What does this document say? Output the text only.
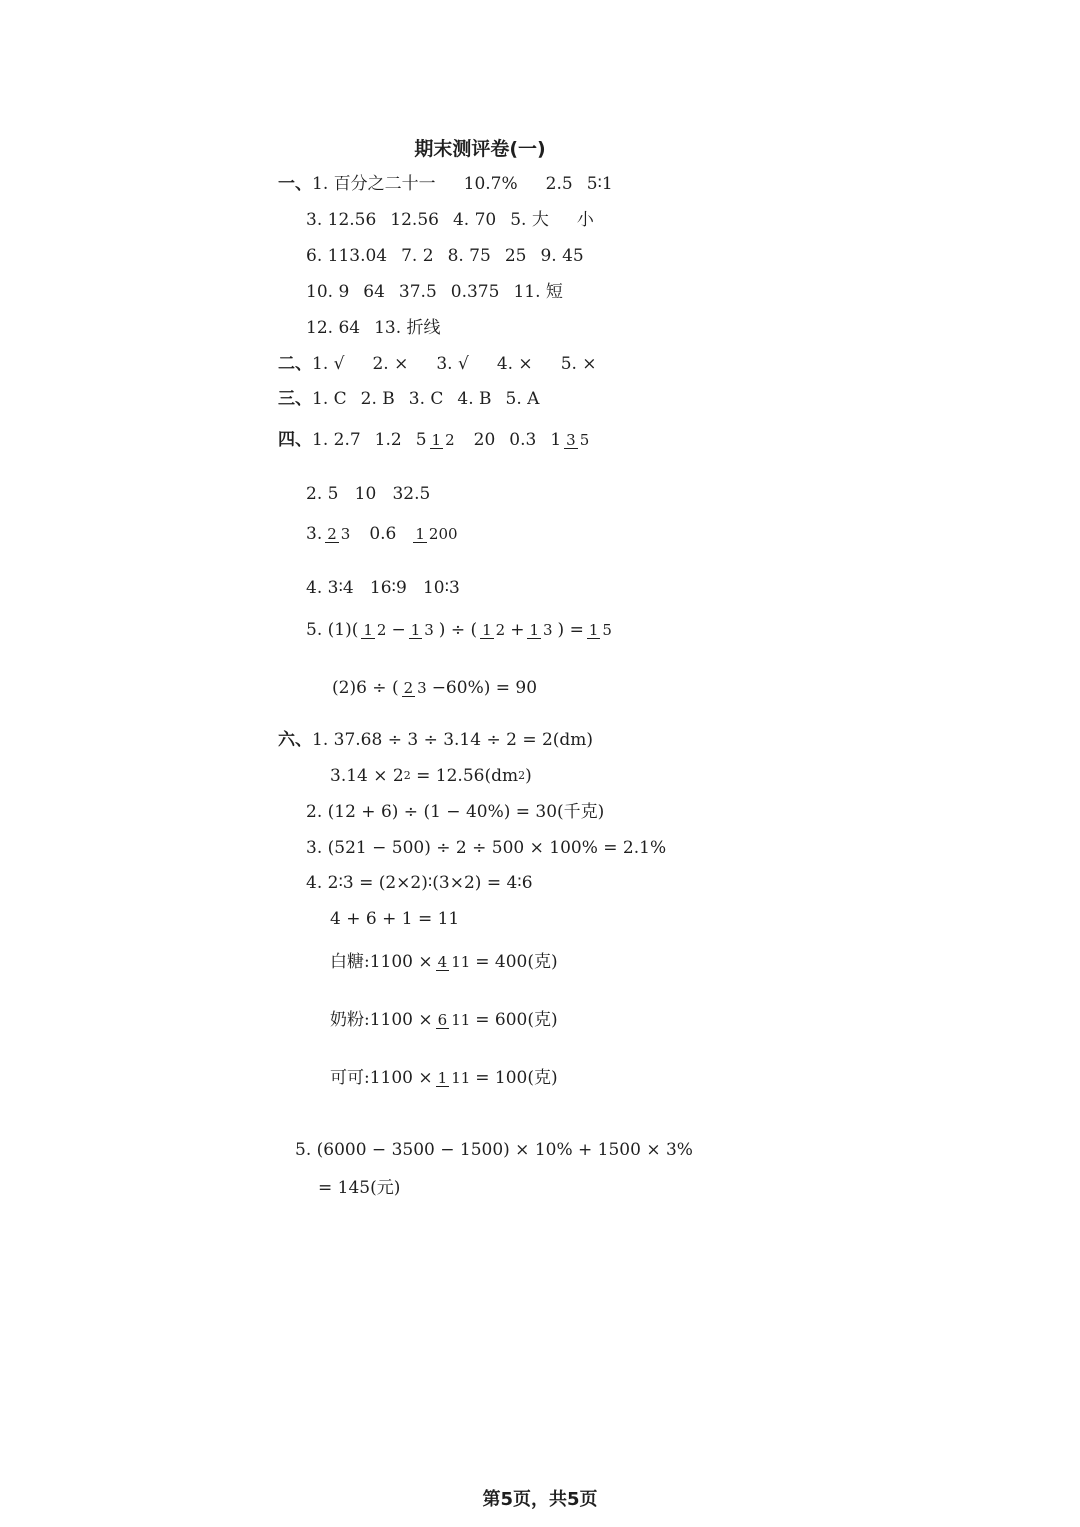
期末测评卷(一)
一、 1. 百分之二十一 10.7% 2.5 5∶1
3. 12.56 12.56 4. 70 5. 大 小
6. 113.04 7. 2 8. 75 25 9. 45
10. 9 64 37.5 0.375 11. 短
12. 64 13. 折线
二、 1. √ 2. × 3. √ 4. × 5. ×
三、 1. C 2. B 3. C 4. B 5. A
四、 1. 2.7 1.2 5 1 2 20 0.3 1 3 5
2. 5   10   32.5
3. 2 3 0.6 1 200
4. 3∶4   16∶9   10∶3
5. (1)( 1 2 − 1 3 ) ÷ ( 1 2 + 1 3 ) = 1 5
(2)6 ÷ ( 2 3 −60%) = 90
六、 1. 37.68 ÷ 3 ÷ 3.14 ÷ 2 = 2(dm)
3.14 × 2 2 = 12.56(dm 2 )
2. (12 + 6) ÷ (1 − 40%) = 30(千克)
3. (521 − 500) ÷ 2 ÷ 500 × 100% = 2.1%
4. 2∶3 = (2×2)∶(3×2) = 4∶6
4 + 6 + 1 = 11
白糖:1100 × 4 11 = 400(克)
奶粉:1100 × 6 11 = 600(克)
可可:1100 × 1 11 = 100(克)
5. (6000 − 3500 − 1500) × 10% + 1500 × 3%
= 145(元)
第5页，共5页
